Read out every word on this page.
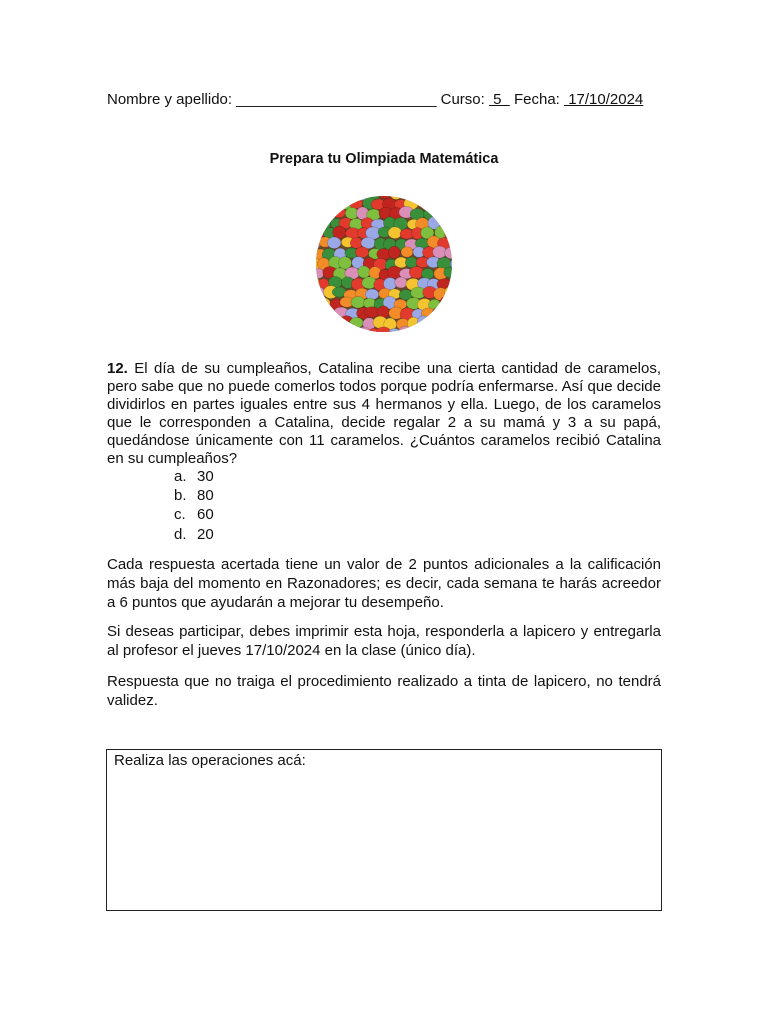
Nombre y apellido: ________________________ Curso:  5   Fecha:  17/10/2024
Prepara tu Olimpiada Matemática
12. El día de su cumpleaños, Catalina recibe una cierta cantidad de caramelos, pero sabe que no puede comerlos todos porque podría enfermarse. Así que decide dividirlos en partes iguales entre sus 4 hermanos y ella. Luego, de los caramelos que le corresponden a Catalina, decide regalar 2 a su mamá y 3 a su papá, quedándose únicamente con 11 caramelos. ¿Cuántos caramelos recibió Catalina en su cumpleaños?
a. 30
b. 80
c. 60
d. 20
Cada respuesta acertada tiene un valor de 2 puntos adicionales a la calificación más baja del momento en Razonadores; es decir, cada semana te harás acreedor a 6 puntos que ayudarán a mejorar tu desempeño.
Si deseas participar, debes imprimir esta hoja, responderla a lapicero y entregarla al profesor el jueves 17/10/2024 en la clase (único día).
Respuesta que no traiga el procedimiento realizado a tinta de lapicero, no tendrá validez.
Realiza las operaciones acá:
